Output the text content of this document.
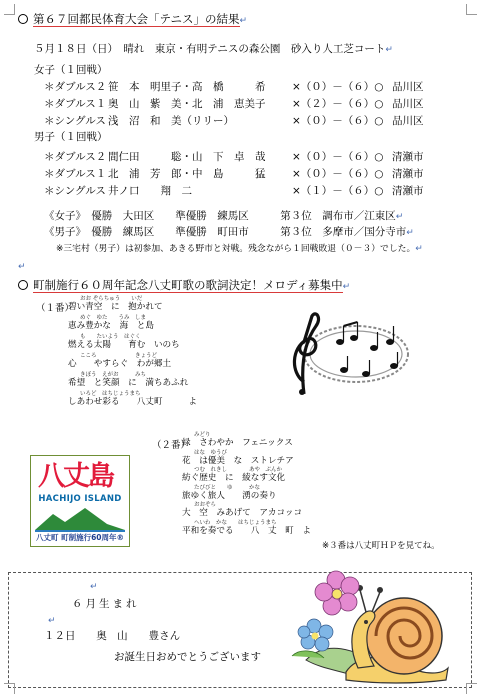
第６７回都民体育大会「テニス」の結果↵
５月１８日（日）　晴れ　東京・有明テニスの森公園　砂入り人工芝コート↵
女子（１回戦）
＊ダブルス２ 笹　本　明里子・高　橋　　　希	×（０）－（６）○ 品川区
＊ダブルス１ 奥　山　紫　美・北　浦　恵美子	×（２）－（６）○ 品川区
＊シングルス 浅　沼　和　美（リリー）	×（０）－（６）○ 品川区
男子（１回戦）
＊ダブルス２ 間仁田　　　聡・山　下　卓　哉	×（０）－（６）○ 清瀬市
＊ダブルス１ 北　浦　芳　郎・中　島　　　猛	×（０）－（６）○ 清瀬市
＊シングルス 井ノ口　　翔　二	×（１）－（６）○ 清瀬市
《女子》　優勝　大田区　　準優勝　練馬区　　　第３位　調布市／江東区↵
《男子》　優勝　練馬区　　準優勝　町田市　　　第３位　多摩市／国分寺市↵
※三宅村（男子）は初参加、あきる野市と対戦。残念ながら１回戦敗退（０－３）でした。↵
↵
町制施行６０周年記念八丈町歌の歌詞決定！メロディ募集中↵
（１番）
おお ぞらちゅう　　いだ
碧い青空　に　抱かれて
めぐ　ゆた　　うみ　しま
恵み豊かな　海　と島
も　　たいよう　はぐく
燃える太陽　　育む　いのち
こころ　　　　　　　きょうど
心　　やすらぐ　わが郷土
きぼう　えがお　　　みち
希望　と笑顔　に　満ちあふれ
いろど　はちじょうまち
しあわせ彩る　　八丈町　　　よ
（２番）
みどり
緑　さわやか　フェニックス
はな　ゆうび
花　は優美　な　ストレチア
つむ　れきし　　　　あや　ぶんか
紡ぐ歴史　に　綾なす文化
たびびと　　ゆ　　　かな
旅ゆく旅人　　湧の奏り
おおぞら
大　空　みあげて　アカコッコ
へいわ　かな　　はちじょうまち
平和を奏でる　　八　丈　町　よ
※３番は八丈町ＨＰを見てね。
八丈島
HACHIJO ISLAND
八丈町 町制施行60周年®
↵
６月生まれ
↵
１２日 奥　山　　豊さん
お誕生日おめでとうございます
